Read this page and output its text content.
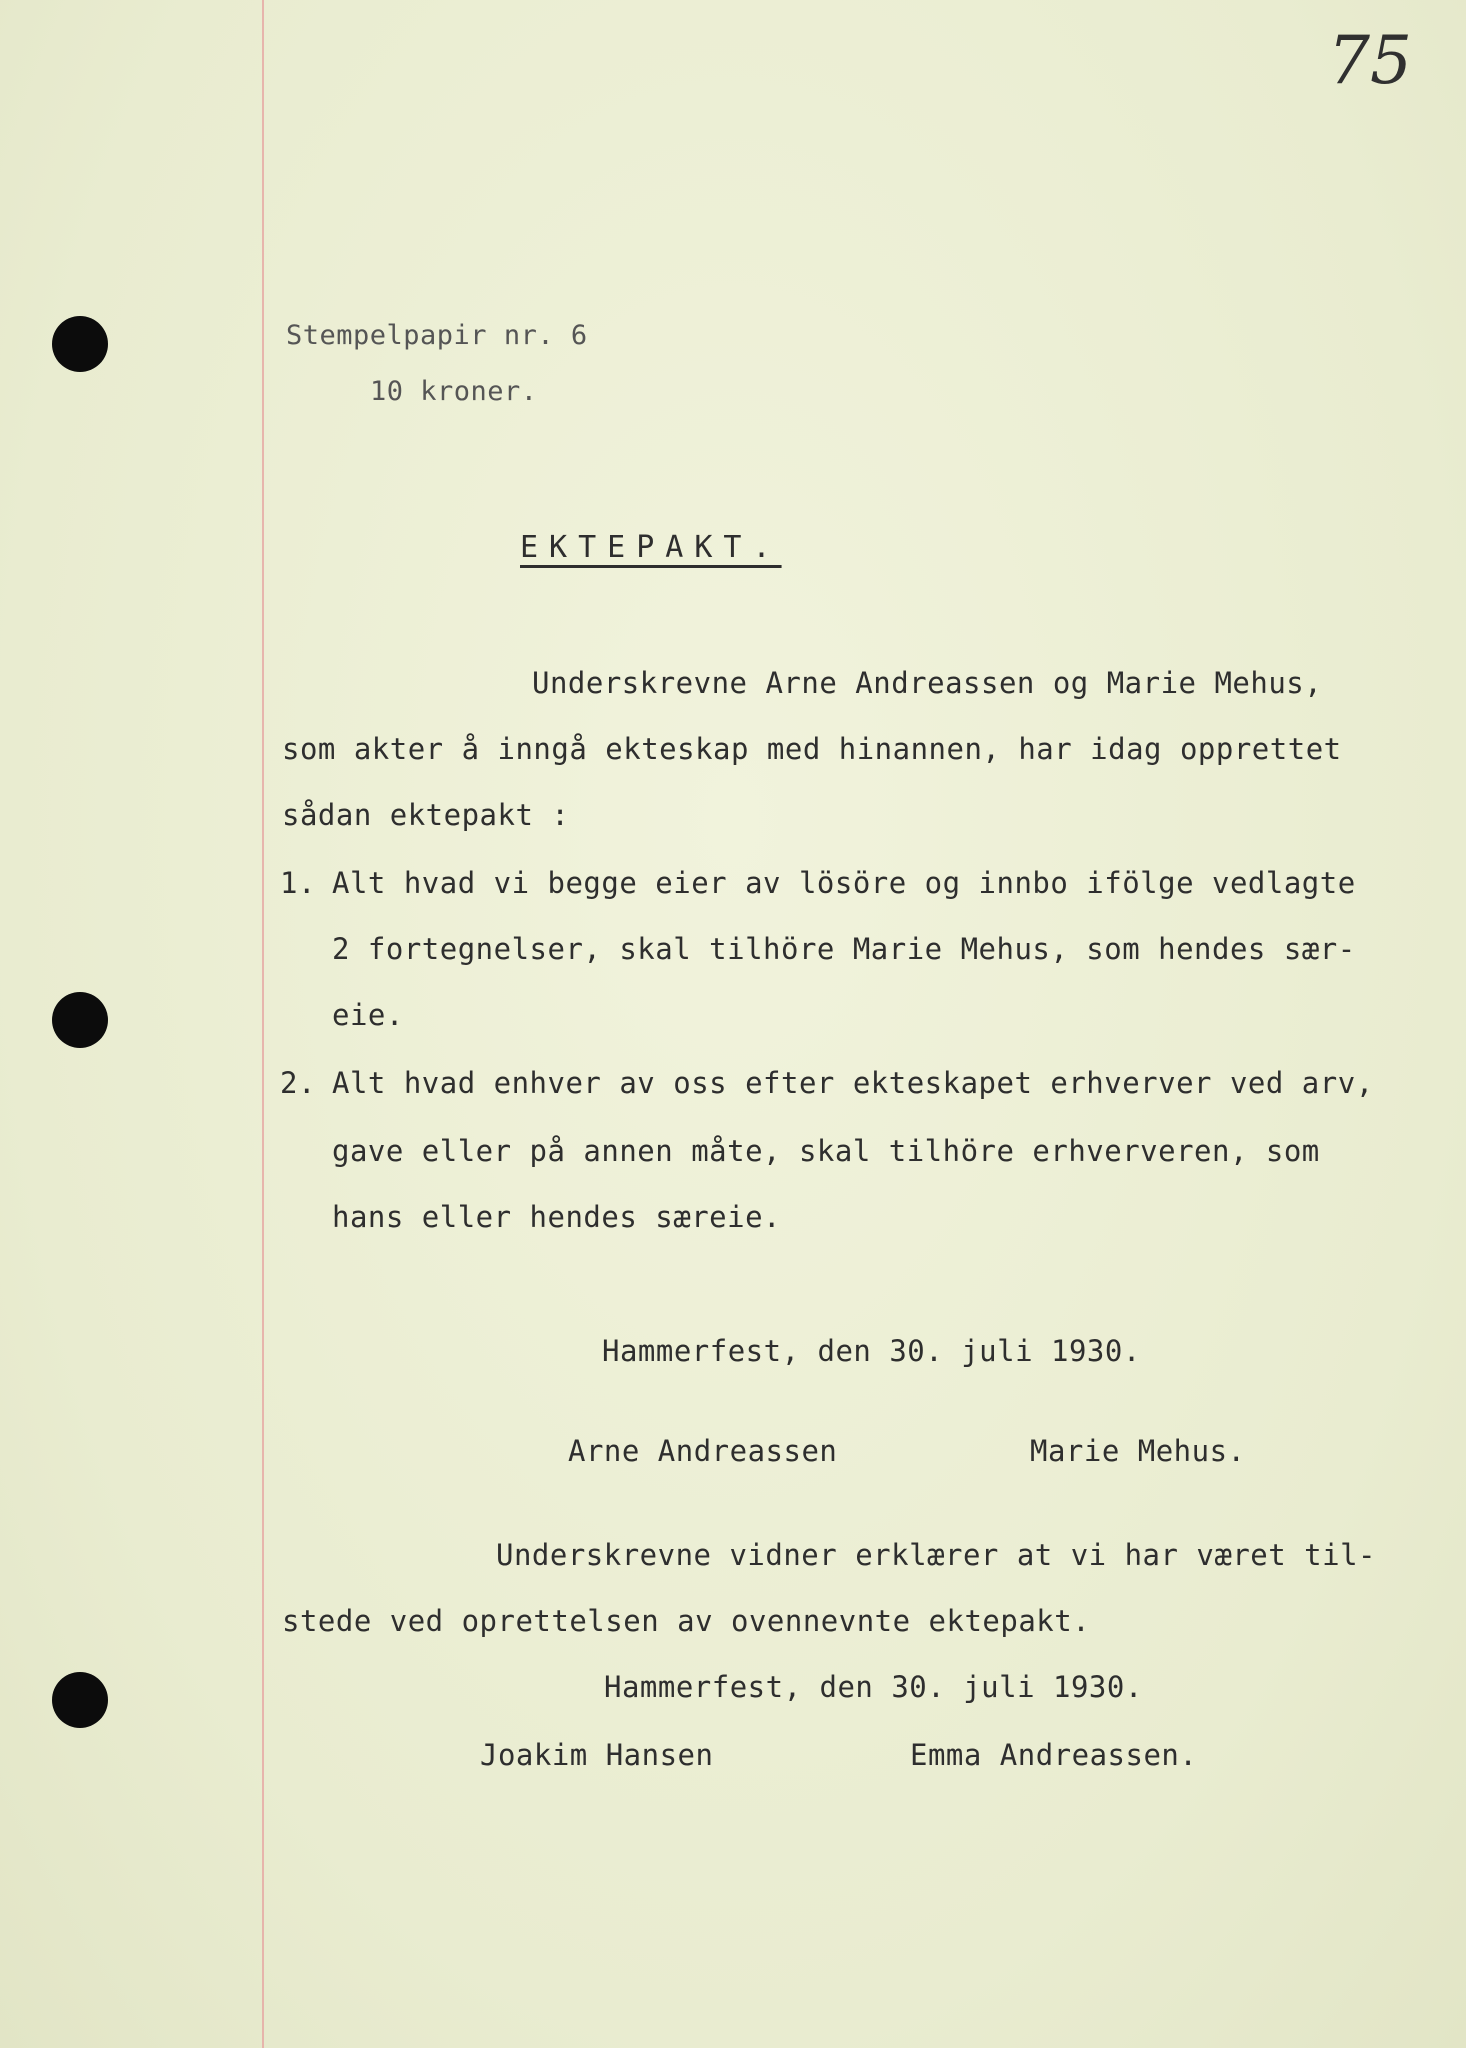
75
Stempelpapir nr. 6
10 kroner.
EKTEPAKT.
Underskrevne Arne Andreassen og Marie Mehus,
som akter å inngå ekteskap med hinannen, har idag opprettet
sådan ektepakt :
1. Alt hvad vi begge eier av lösöre og innbo ifölge vedlagte
2 fortegnelser, skal tilhöre Marie Mehus, som hendes sær-
eie.
2. Alt hvad enhver av oss efter ekteskapet erhverver ved arv,
gave eller på annen måte, skal tilhöre erhververen, som
hans eller hendes særeie.
Hammerfest, den 30. juli 1930.
Arne Andreassen	Marie Mehus.
Underskrevne vidner erklærer at vi har været til-
stede ved oprettelsen av ovennevnte ektepakt.
Hammerfest, den 30. juli 1930.
Joakim Hansen	Emma Andreassen.
